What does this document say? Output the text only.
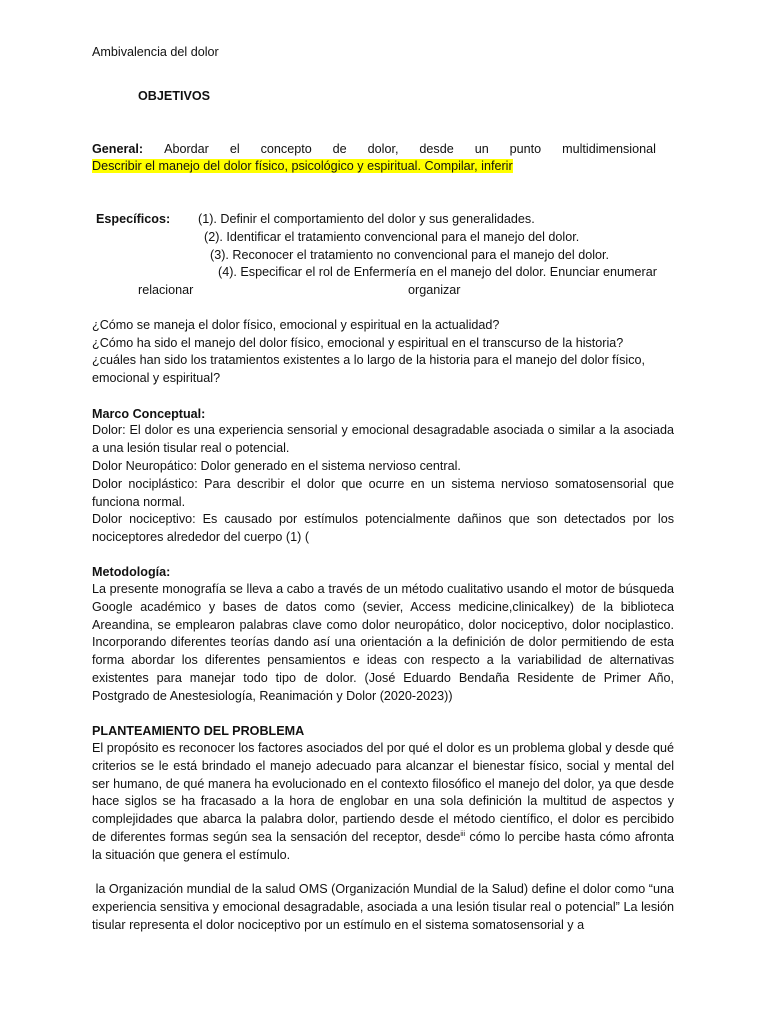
Ambivalencia del dolor
OBJETIVOS
General: Abordar el concepto de dolor, desde un punto multidimensional
Describir el manejo del dolor físico, psicológico y espiritual. Compilar, inferir
Específicos: (1). Definir el comportamiento del dolor y sus generalidades.
(2). Identificar el tratamiento convencional para el manejo del dolor.
(3). Reconocer el tratamiento no convencional para el manejo del dolor.
(4). Especificar el rol de Enfermería en el manejo del dolor. Enunciar enumerar
relacionar	organizar
¿Cómo se maneja el dolor físico, emocional y espiritual en la actualidad?
¿Cómo ha sido el manejo del dolor físico, emocional y espiritual en el transcurso de la historia?
¿cuáles han sido los tratamientos existentes a lo largo de la historia para el manejo del dolor físico, emocional y espiritual?
Marco Conceptual:
Dolor: El dolor es una experiencia sensorial y emocional desagradable asociada o similar a la asociada a una lesión tisular real o potencial.
Dolor Neuropático: Dolor generado en el sistema nervioso central.
Dolor nociplástico: Para describir el dolor que ocurre en un sistema nervioso somatosensorial que funciona normal.
Dolor nociceptivo: Es causado por estímulos potencialmente dañinos que son detectados por los nociceptores alrededor del cuerpo (1) (
Metodología:
La presente monografía se lleva a cabo a través de un método cualitativo usando el motor de búsqueda Google académico y bases de datos como (sevier, Access medicine,clinicalkey) de la biblioteca Areandina, se emplearon palabras clave como dolor neuropático, dolor nociceptivo, dolor nociplastico. Incorporando diferentes teorías dando así una orientación a la definición de dolor permitiendo de esta forma abordar los diferentes pensamientos e ideas con respecto a la variabilidad de alternativas existentes para manejar todo tipo de dolor. (José Eduardo Bendaña Residente de Primer Año, Postgrado de Anestesiología, Reanimación y Dolor (2020-2023))
PLANTEAMIENTO DEL PROBLEMA
El propósito es reconocer los factores asociados del por qué el dolor es un problema global y desde qué criterios se le está brindado el manejo adecuado para alcanzar el bienestar físico, social y mental del ser humano, de qué manera ha evolucionado en el contexto filosófico el manejo del dolor, ya que desde hace siglos se ha fracasado a la hora de englobar en una sola definición la multitud de aspectos y complejidades que abarca la palabra dolor, partiendo desde el método científico, el dolor es percibido de diferentes formas según sea la sensación del receptor, desde$^{iii}$ cómo lo percibe hasta cómo afronta la situación que genera el estímulo.
la Organización mundial de la salud OMS (Organización Mundial de la Salud) define el dolor como “una experiencia sensitiva y emocional desagradable, asociada a una lesión tisular real o potencial” La lesión tisular representa el dolor nociceptivo por un estímulo en el sistema somatosensorial y a
